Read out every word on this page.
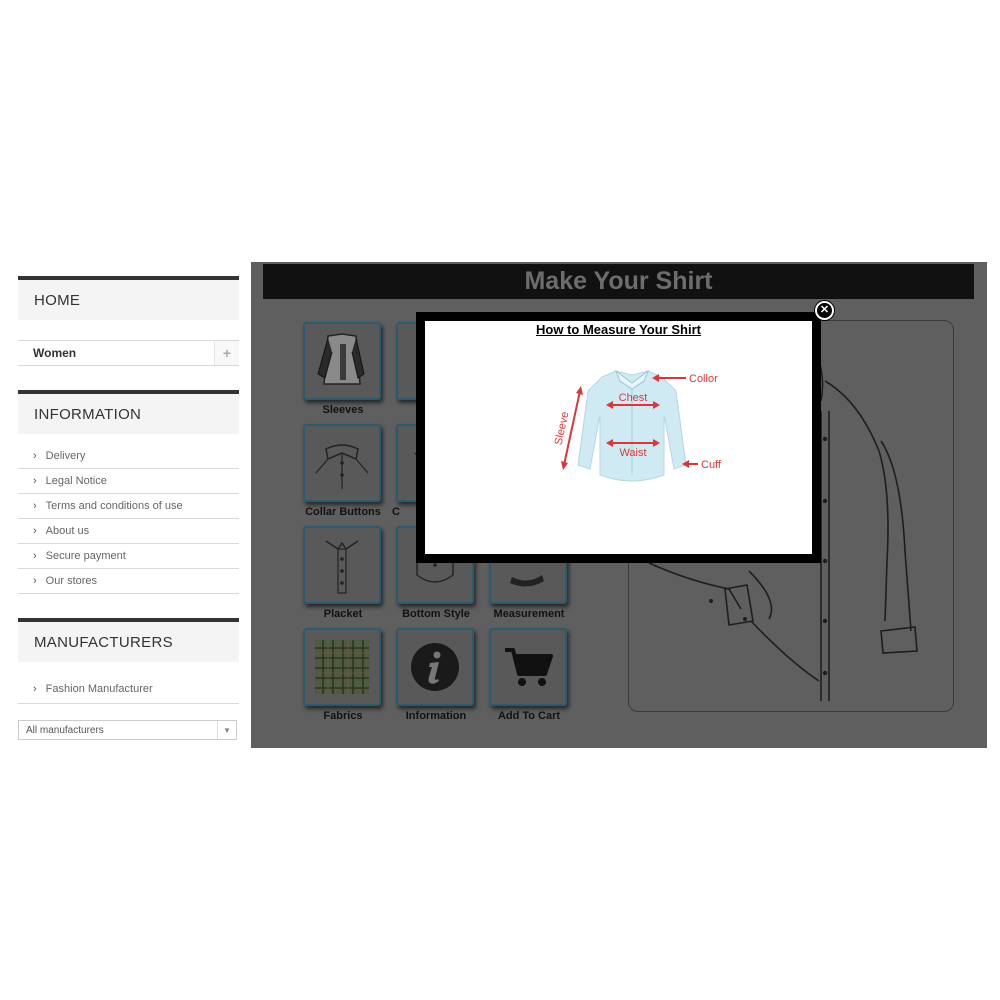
HOME
Women	+
INFORMATION
› Delivery
› Legal Notice
› Terms and conditions of use
› About us
› Secure payment
› Our stores
MANUFACTURERS
› Fashion Manufacturer
All manufacturers	▼
Make Your Shirt
Sleeves
Collar Buttons	C
Placket	Bottom Style	Measurement
Fabrics	Information	Add To Cart
How to Measure Your Shirt
Collor
Chest
Waist
Cuff
Sleeve
✕
